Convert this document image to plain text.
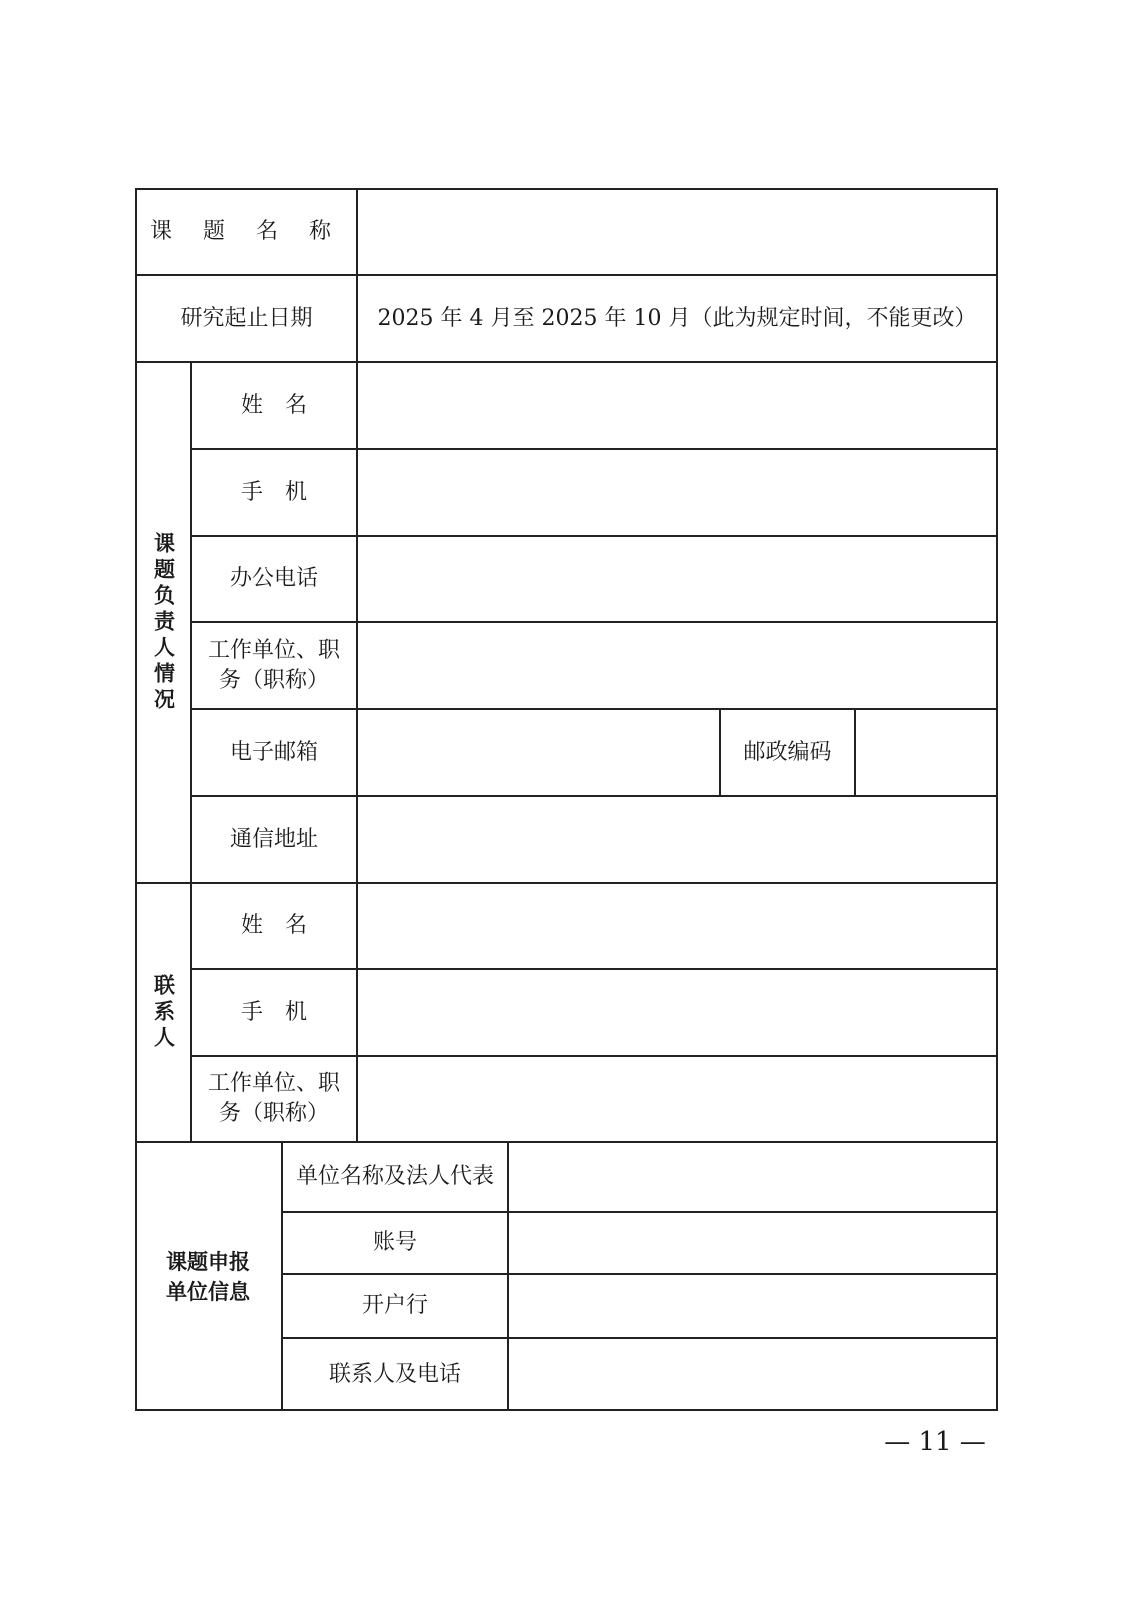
课 题 名 称
研究起止日期	2025 年 4 月至 2025 年 10 月（此为规定时间，不能更改）
课题负责人情况
姓　名
手　机
办公电话
工作单位、职务（职称）
电子邮箱	邮政编码
通信地址
联系人
姓　名
手　机
工作单位、职务（职称）
课题申报单位信息
单位名称及法人代表
账号
开户行
联系人及电话
— 11 —
